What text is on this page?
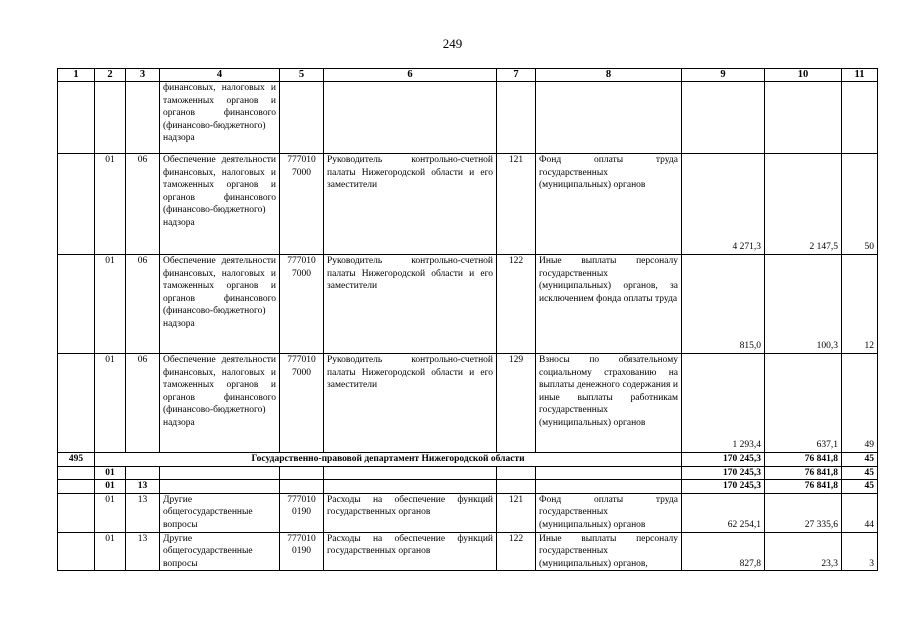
249
1	2	3	4	5	6	7	8	9	10	11
			финансовых, налоговых и таможенных органов и органов финансового (финансово-бюджетного) надзора							
	01	06	Обеспечение деятельности финансовых, налоговых и таможенных органов и органов финансового (финансово-бюджетного) надзора	777010 7000	Руководитель контрольно-счетной палаты Нижегородской области и его заместители	121	Фонд оплаты труда государственных (муниципальных) органов	4 271,3	2 147,5	50
	01	06	Обеспечение деятельности финансовых, налоговых и таможенных органов и органов финансового (финансово-бюджетного) надзора	777010 7000	Руководитель контрольно-счетной палаты Нижегородской области и его заместители	122	Иные выплаты персоналу государственных (муниципальных) органов, за исключением фонда оплаты труда	815,0	100,3	12
	01	06	Обеспечение деятельности финансовых, налоговых и таможенных органов и органов финансового (финансово-бюджетного) надзора	777010 7000	Руководитель контрольно-счетной палаты Нижегородской области и его заместители	129	Взносы по обязательному социальному страхованию на выплаты денежного содержания и иные выплаты работникам государственных (муниципальных) органов	1 293,4	637,1	49
495	Государственно-правовой департамент Нижегородской области							170 245,3	76 841,8	45
	01							170 245,3	76 841,8	45
	01	13						170 245,3	76 841,8	45
	01	13	Другие общегосударственные вопросы	777010 0190	Расходы на обеспечение функций государственных органов	121	Фонд оплаты труда государственных (муниципальных) органов	62 254,1	27 335,6	44
	01	13	Другие общегосударственные вопросы	777010 0190	Расходы на обеспечение функций государственных органов	122	Иные выплаты персоналу государственных (муниципальных) органов,	827,8	23,3	3
